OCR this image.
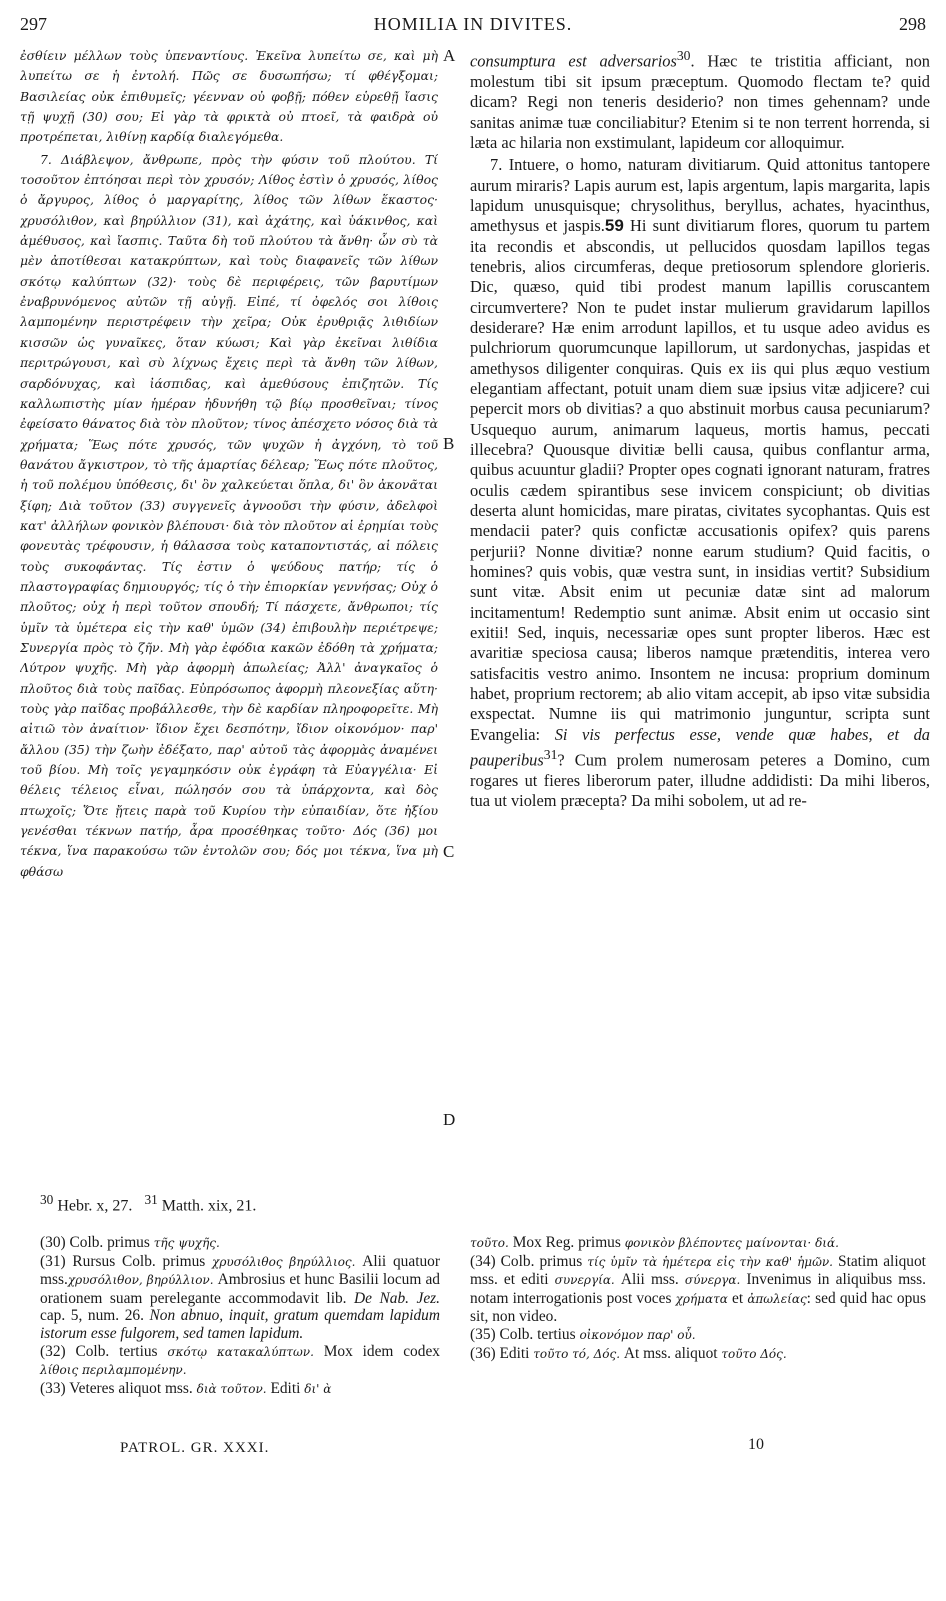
297	HOMILIA IN DIVITES.	298
A
B
C
D

ἐσθίειν μέλλων τοὺς ὑπεναντίους. Ἐκεῖνα λυπείτω σε, καὶ μὴ λυπείτω σε ἡ ἐντολή. Πῶς σε δυσωπήσω; τί φθέγξομαι; Βασιλείας οὐκ ἐπιθυμεῖς; γέενναν οὐ φοβῇ; πόθεν εὑρεθῇ ἴασις τῇ ψυχῇ (30) σου; Εἰ γὰρ τὰ φρικτὰ οὐ πτοεῖ, τὰ φαιδρὰ οὐ προτρέπεται, λιθίνῃ καρδίᾳ διαλεγόμεθα.

7. Διάβλεψον, ἄνθρωπε, πρὸς τὴν φύσιν τοῦ πλούτου. Τί τοσοῦτον ἐπτόησαι περὶ τὸν χρυσόν; Λίθος ἐστὶν ὁ χρυσός, λίθος ὁ ἄργυρος, λίθος ὁ μαργαρίτης, λίθος τῶν λίθων ἕκαστος· χρυσόλιθον, καὶ βηρύλλιον (31), καὶ ἀχάτης, καὶ ὑάκινθος, καὶ ἀμέθυσος, καὶ ἴασπις. Ταῦτα δὴ τοῦ πλούτου τὰ ἄνθη· ὧν σὺ τὰ μὲν ἀποτίθεσαι κατακρύπτων, καὶ τοὺς διαφανεῖς τῶν λίθων σκότῳ καλύπτων (32)· τοὺς δὲ περιφέρεις, τῶν βαρυτίμων ἐναβρυνόμενος αὐτῶν τῇ αὐγῇ. Εἰπέ, τί ὀφελός σοι λίθοις λαμπομένην περιστρέφειν τὴν χεῖρα; Οὐκ ἐρυθριᾷς λιθιδίων κισσῶν ὡς γυναῖκες, ὅταν κύωσι; Καὶ γὰρ ἐκεῖναι λιθίδια περιτρώγουσι, καὶ σὺ λίχνως ἔχεις περὶ τὰ ἄνθη τῶν λίθων, σαρδόνυχας, καὶ ἰάσπιδας, καὶ ἀμεθύσους ἐπιζητῶν. Τίς καλλωπιστὴς μίαν ἡμέραν ἠδυνήθη τῷ βίῳ προσθεῖναι; τίνος ἐφείσατο θάνατος διὰ τὸν πλοῦτον; τίνος ἀπέσχετο νόσος διὰ τὰ χρήματα; Ἕως πότε χρυσός, τῶν ψυχῶν ἡ ἀγχόνη, τὸ τοῦ θανάτου ἄγκιστρον, τὸ τῆς ἁμαρτίας δέλεαρ; Ἕως πότε πλοῦτος, ἡ τοῦ πολέμου ὑπόθεσις, δι' ὃν χαλκεύεται ὅπλα, δι' ὃν ἀκονᾶται ξίφη; Διὰ τοῦτον (33) συγγενεῖς ἀγνοοῦσι τὴν φύσιν, ἀδελφοὶ κατ' ἀλλήλων φονικὸν βλέπουσι· διὰ τὸν πλοῦτον αἱ ἐρημίαι τοὺς φονευτὰς τρέφουσιν, ἡ θάλασσα τοὺς καταποντιστάς, αἱ πόλεις τοὺς συκοφάντας. Τίς ἐστιν ὁ ψεύδους πατήρ; τίς ὁ πλαστογραφίας δημιουργός; τίς ὁ τὴν ἐπιορκίαν γεννήσας; Οὐχ ὁ πλοῦτος; οὐχ ἡ περὶ τοῦτον σπουδή; Τί πάσχετε, ἄνθρωποι; τίς ὑμῖν τὰ ὑμέτερα εἰς τὴν καθ' ὑμῶν (34) ἐπιβουλὴν περιέτρεψε; Συνεργία πρὸς τὸ ζῆν. Μὴ γὰρ ἐφόδια κακῶν ἐδόθη τὰ χρήματα; Λύτρον ψυχῆς. Μὴ γὰρ ἀφορμὴ ἀπωλείας; Ἀλλ' ἀναγκαῖος ὁ πλοῦτος διὰ τοὺς παῖδας. Εὐπρόσωπος ἀφορμὴ πλεονεξίας αὕτη· τοὺς γὰρ παῖδας προβάλλεσθε, τὴν δὲ καρδίαν πληροφορεῖτε. Μὴ αἰτιῶ τὸν ἀναίτιον· ἴδιον ἔχει δεσπότην, ἴδιον οἰκονόμον· παρ' ἄλλου (35) τὴν ζωὴν ἐδέξατο, παρ' αὐτοῦ τὰς ἀφορμὰς ἀναμένει τοῦ βίου. Μὴ τοῖς γεγαμηκόσιν οὐκ ἐγράφη τὰ Εὐαγγέλια· Εἰ θέλεις τέλειος εἶναι, πώλησόν σου τὰ ὑπάρχοντα, καὶ δὸς πτωχοῖς; Ὅτε ᾔτεις παρὰ τοῦ Κυρίου τὴν εὐπαιδίαν, ὅτε ἠξίου γενέσθαι τέκνων πατήρ, ἆρα προσέθηκας τοῦτο· Δός (36) μοι τέκνα, ἵνα παρακούσω τῶν ἐντολῶν σου; δός μοι τέκνα, ἵνα μὴ φθάσω

consumptura est adversarios$^{30}$. Hæc te tristitia afficiant, non molestum tibi sit ipsum præceptum. Quomodo flectam te? quid dicam? Regi non teneris desiderio? non times gehennam? unde sanitas animæ tuæ conciliabitur? Etenim si te non terrent horrenda, si læta ac hilaria non exstimulant, lapideum cor alloquimur.

7. Intuere, o homo, naturam divitiarum. Quid attonitus tantopere aurum miraris? Lapis aurum est, lapis argentum, lapis margarita, lapis lapidum unusquisque; chrysolithus, beryllus, achates, hyacinthus, amethysus et jaspis.59 Hi sunt divitiarum flores, quorum tu partem ita recondis et abscondis, ut pellucidos quosdam lapillos tegas tenebris, alios circumferas, deque pretiosorum splendore glorieris. Dic, quæso, quid tibi prodest manum lapillis coruscantem circumvertere? Non te pudet instar mulierum gravidarum lapillos desiderare? Hæ enim arrodunt lapillos, et tu usque adeo avidus es pulchriorum quorumcunque lapillorum, ut sardonychas, jaspidas et amethysos diligenter conquiras. Quis ex iis qui plus æquo vestium elegantiam affectant, potuit unam diem suæ ipsius vitæ adjicere? cui pepercit mors ob divitias? a quo abstinuit morbus causa pecuniarum? Usquequo aurum, animarum laqueus, mortis hamus, peccati illecebra? Quousque divitiæ belli causa, quibus conflantur arma, quibus acuuntur gladii? Propter opes cognati ignorant naturam, fratres oculis cædem spirantibus sese invicem conspiciunt; ob divitias deserta alunt homicidas, mare piratas, civitates sycophantas. Quis est mendacii pater? quis confictæ accusationis opifex? quis parens perjurii? Nonne divitiæ? nonne earum studium? Quid facitis, o homines? quis vobis, quæ vestra sunt, in insidias vertit? Subsidium sunt vitæ. Absit enim ut pecuniæ datæ sint ad malorum incitamentum! Redemptio sunt animæ. Absit enim ut occasio sint exitii! Sed, inquis, necessariæ opes sunt propter liberos. Hæc est avaritiæ speciosa causa; liberos namque prætenditis, interea vero satisfacitis vestro animo. Insontem ne incusa: proprium dominum habet, proprium rectorem; ab alio vitam accepit, ab ipso vitæ subsidia exspectat. Numne iis qui matrimonio junguntur, scripta sunt Evangelia: Si vis perfectus esse, vende quæ habes, et da pauperibus$^{31}$? Cum prolem numerosam peteres a Domino, cum rogares ut fieres liberorum pater, illudne addidisti: Da mihi liberos, tua ut violem præcepta? Da mihi sobolem, ut ad re-

$^{30}$ Hebr. x, 27. $^{31}$ Matth. xix, 21.

(30) Colb. primus τῆς ψυχῆς.

(31) Rursus Colb. primus χρυσόλιθος βηρύλλιος. Alii quatuor mss.χρυσόλιθον, βηρύλλιον. Ambrosius et hunc Basilii locum ad orationem suam perelegante accommodavit lib. De Nab. Jez. cap. 5, num. 26. Non abnuo, inquit, gratum quemdam lapidum istorum esse fulgorem, sed tamen lapidum.

(32) Colb. tertius σκότῳ κατακαλύπτων. Mox idem codex λίθοις περιλαμπομένην.

(33) Veteres aliquot mss. διὰ τοῦτον. Editi δι' ὰ

τοῦτο. Mox Reg. primus φονικὸν βλέποντες μαίνονται· διά.

(34) Colb. primus τίς ὑμῖν τὰ ἡμέτερα εἰς τὴν καθ' ἡμῶν. Statim aliquot mss. et editi συνεργία. Alii mss. σύνεργα. Invenimus in aliquibus mss. notam interrogationis post voces χρήματα et ἀπωλείας: sed quid hac opus sit, non video.

(35) Colb. tertius οἰκονόμον παρ' οὗ.

(36) Editi τοῦτο τό, Δός. At mss. aliquot τοῦτο Δός.

PATROL. GR. XXXI.	10
